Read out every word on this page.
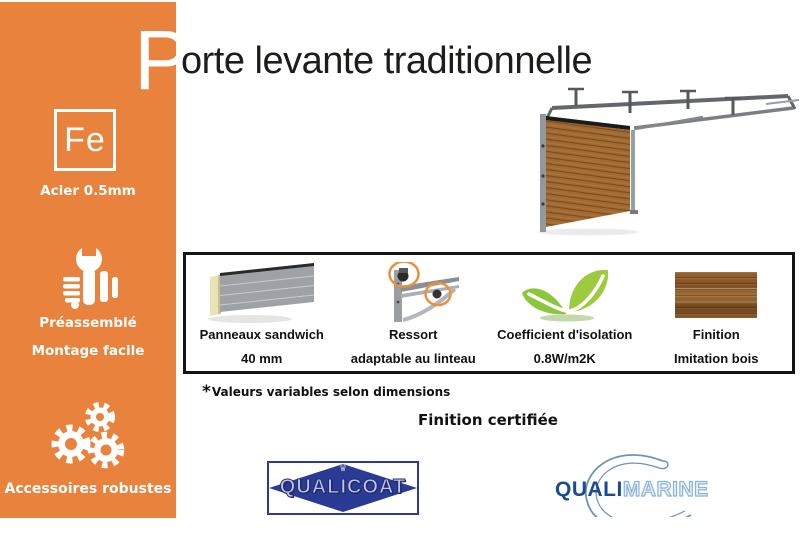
Fe
Acier 0.5mm
Préassemblé
Montage facile
Accessoires robustes
P
orte levante traditionnelle
Panneaux sandwich
40 mm
Ressort
adaptable au linteau
Coefficient d'isolation
0.8W/m2K
Finition
Imitation bois
*Valeurs variables selon dimensions
Finition certifiée
♛
QUALICOAT	QUALIMARINE
